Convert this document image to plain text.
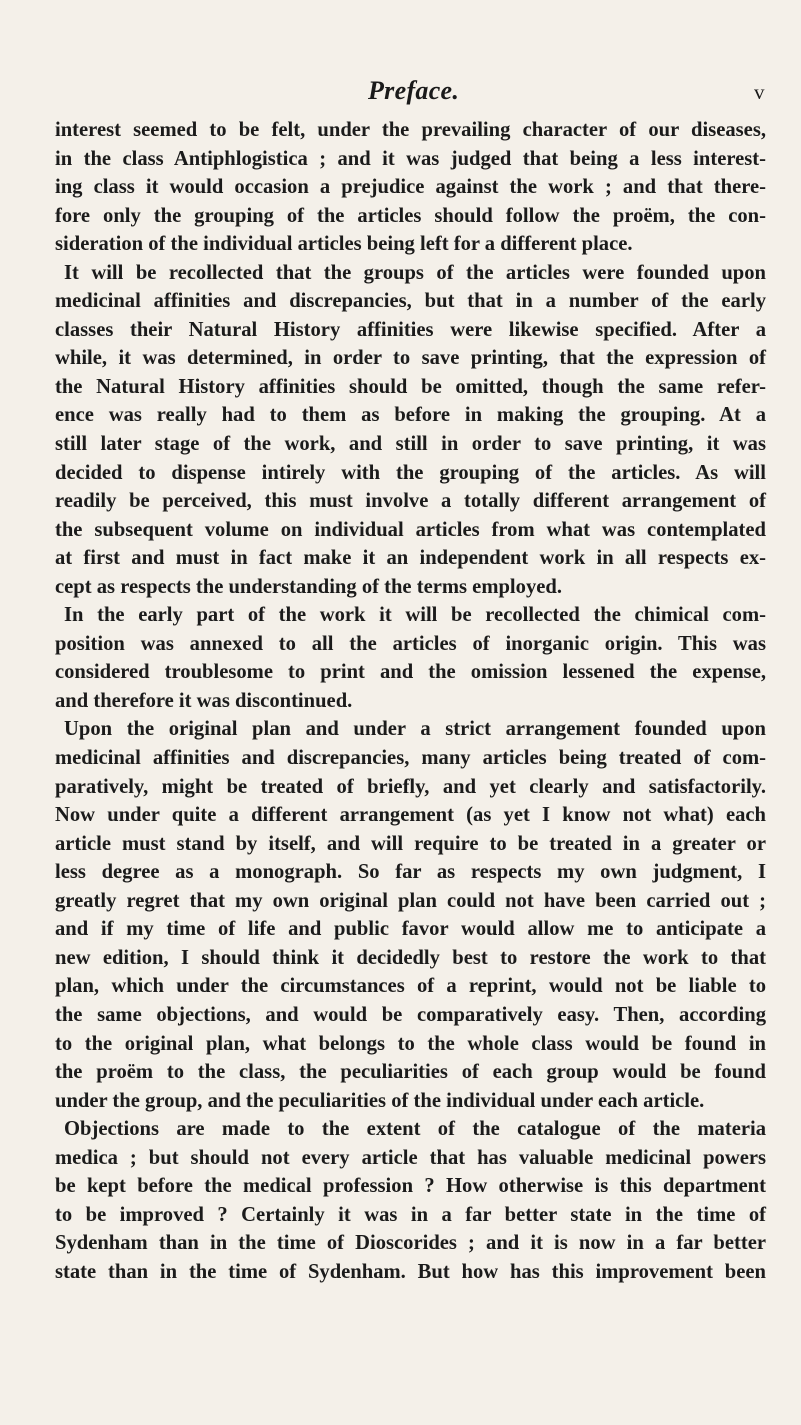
Preface.	v
interest seemed to be felt, under the prevailing character of our diseases,
in the class Antiphlogistica ; and it was judged that being a less interest-
ing class it would occasion a prejudice against the work ; and that there-
fore only the grouping of the articles should follow the proëm, the con-
sideration of the individual articles being left for a different place.
It will be recollected that the groups of the articles were founded upon
medicinal affinities and discrepancies, but that in a number of the early
classes their Natural History affinities were likewise specified. After a
while, it was determined, in order to save printing, that the expression of
the Natural History affinities should be omitted, though the same refer-
ence was really had to them as before in making the grouping. At a
still later stage of the work, and still in order to save printing, it was
decided to dispense intirely with the grouping of the articles. As will
readily be perceived, this must involve a totally different arrangement of
the subsequent volume on individual articles from what was contemplated
at first and must in fact make it an independent work in all respects ex-
cept as respects the understanding of the terms employed.
In the early part of the work it will be recollected the chimical com-
position was annexed to all the articles of inorganic origin. This was
considered troublesome to print and the omission lessened the expense,
and therefore it was discontinued.
Upon the original plan and under a strict arrangement founded upon
medicinal affinities and discrepancies, many articles being treated of com-
paratively, might be treated of briefly, and yet clearly and satisfactorily.
Now under quite a different arrangement (as yet I know not what) each
article must stand by itself, and will require to be treated in a greater or
less degree as a monograph. So far as respects my own judgment, I
greatly regret that my own original plan could not have been carried out ;
and if my time of life and public favor would allow me to anticipate a
new edition, I should think it decidedly best to restore the work to that
plan, which under the circumstances of a reprint, would not be liable to
the same objections, and would be comparatively easy. Then, according
to the original plan, what belongs to the whole class would be found in
the proëm to the class, the peculiarities of each group would be found
under the group, and the peculiarities of the individual under each article.
Objections are made to the extent of the catalogue of the materia
medica ; but should not every article that has valuable medicinal powers
be kept before the medical profession ? How otherwise is this department
to be improved ? Certainly it was in a far better state in the time of
Sydenham than in the time of Dioscorides ; and it is now in a far better
state than in the time of Sydenham. But how has this improvement been
